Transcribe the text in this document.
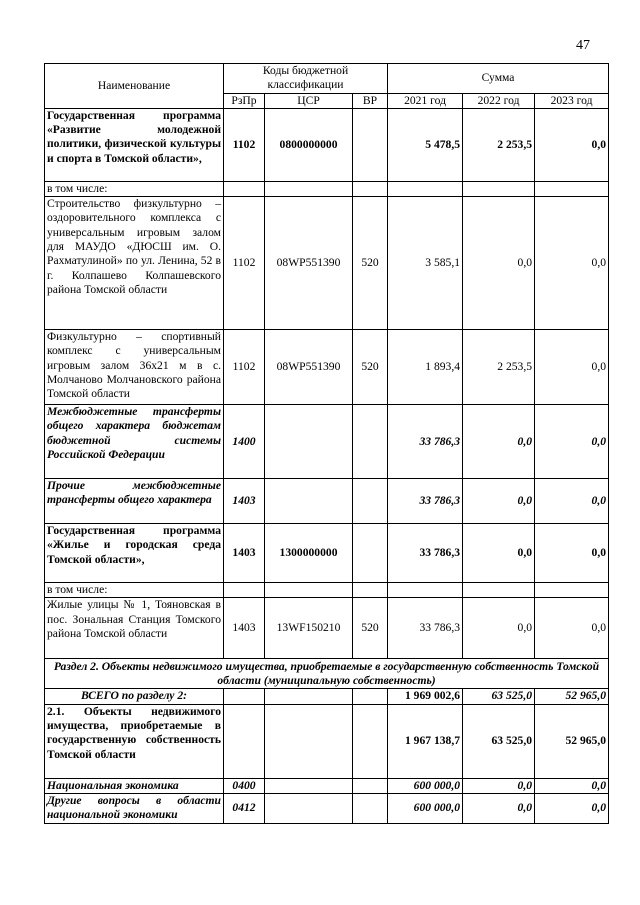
47
Наименование	Коды бюджетной классификации			Сумма		
	РзПр	ЦСР	ВР	2021 год	2022 год	2023 год
Государственная программа «Развитие молодежной политики, физической культуры и спорта в Томской области»,	1102	0800000000		5 478,5	2 253,5	0,0
в том числе:						
Строительство физкультурно – оздоровительного комплекса с универсальным игровым залом для МАУДО «ДЮСШ им. О. Рахматулиной» по ул. Ленина, 52 в г. Колпашево Колпашевского района Томской области	1102	08WP551390	520	3 585,1	0,0	0,0
Физкультурно – спортивный комплекс с универсальным игровым залом 36х21 м в с. Молчаново Молчановского района Томской области	1102	08WP551390	520	1 893,4	2 253,5	0,0
Межбюджетные трансферты общего характера бюджетам бюджетной системы Российской Федерации	1400			33 786,3	0,0	0,0
Прочие межбюджетные трансферты общего характера	1403			33 786,3	0,0	0,0
Государственная программа «Жилье и городская среда Томской области»,	1403	1300000000		33 786,3	0,0	0,0
в том числе:						
Жилые улицы № 1, Тояновская в пос. Зональная Станция Томского района Томской области	1403	13WF150210	520	33 786,3	0,0	0,0
Раздел 2. Объекты недвижимого имущества, приобретаемые в государственную собственность Томской области (муниципальную собственность)						
ВСЕГО по разделу 2:				1 969 002,6	63 525,0	52 965,0
2.1. Объекты недвижимого имущества, приобретаемые в государственную собственность Томской области				1 967 138,7	63 525,0	52 965,0
Национальная экономика	0400			600 000,0	0,0	0,0
Другие вопросы в области национальной экономики	0412			600 000,0	0,0	0,0
